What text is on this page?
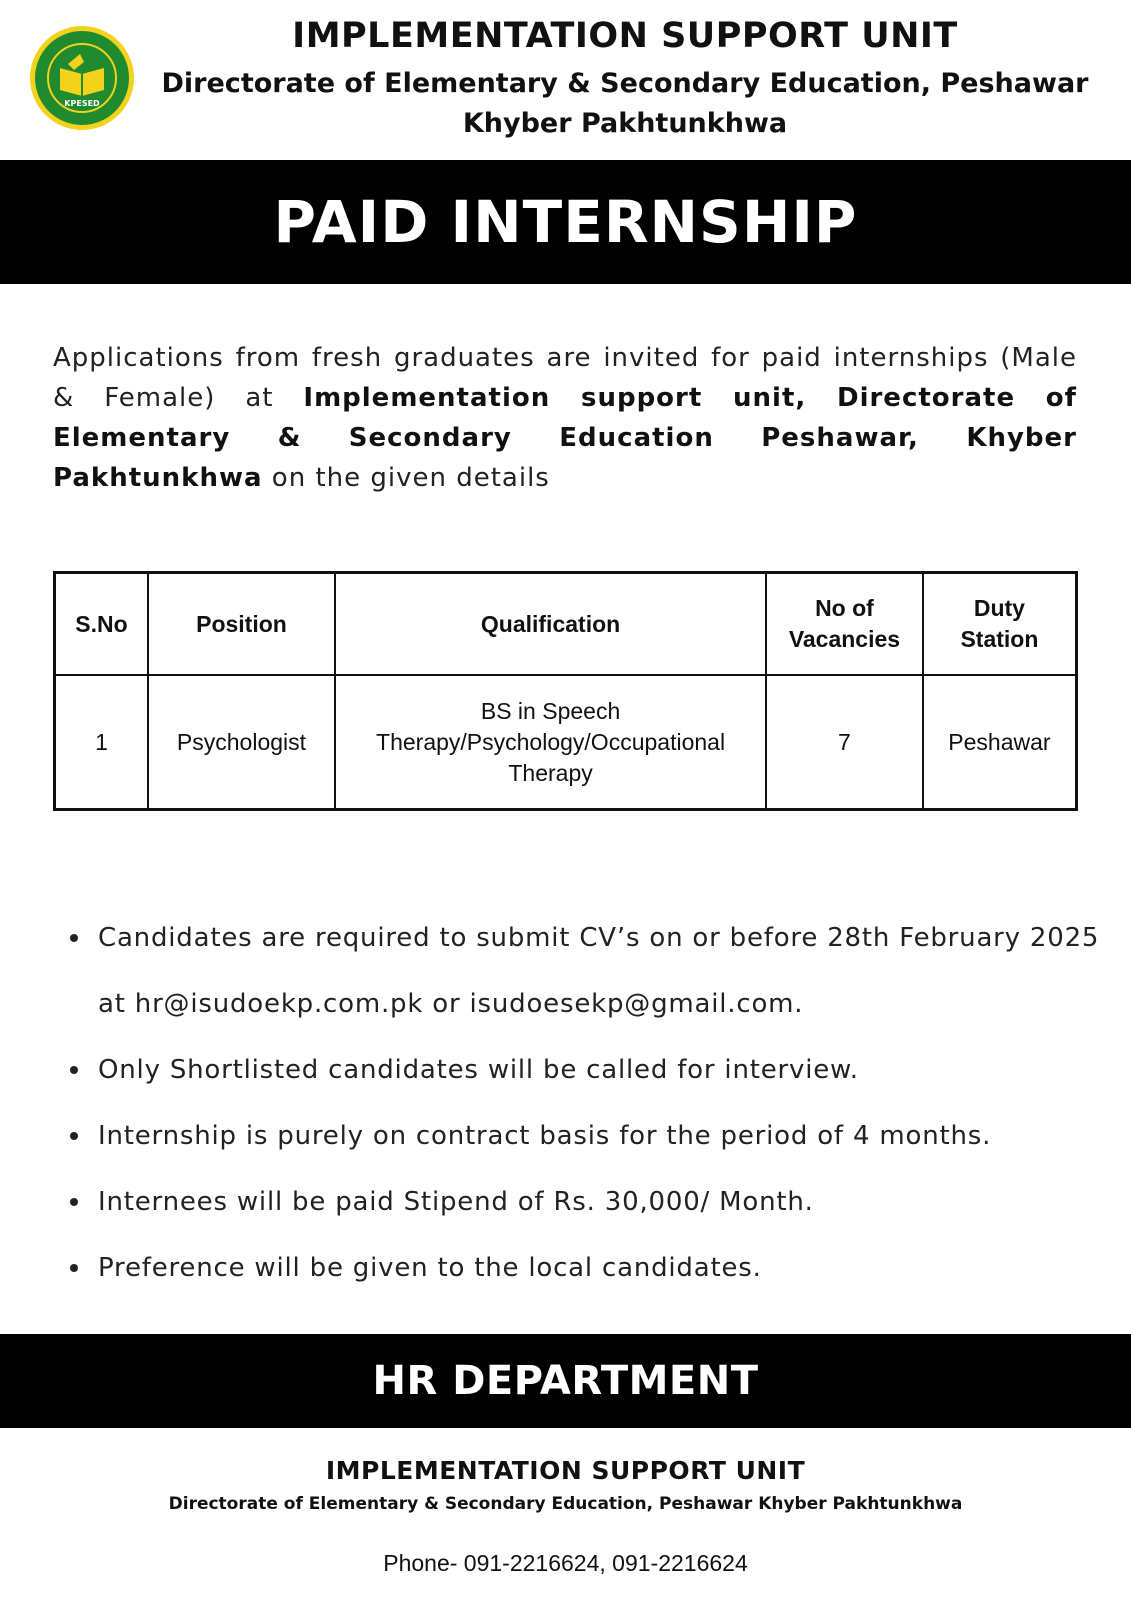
KPESED
IMPLEMENTATION SUPPORT UNIT
Directorate of Elementary & Secondary Education, Peshawar Khyber Pakhtunkhwa
PAID INTERNSHIP
Applications from fresh graduates are invited for paid internships (Male & Female) at Implementation support unit, Directorate of Elementary & Secondary Education Peshawar, Khyber Pakhtunkhwa on the given details
S.No	Position	Qualification	No of Vacancies	Duty Station
1	Psychologist	BS in Speech Therapy/Psychology/Occupational Therapy	7	Peshawar
Candidates are required to submit CV’s on or before 28th February 2025
at hr@isudoekp.com.pk or isudoesekp@gmail.com.
Only Shortlisted candidates will be called for interview.
Internship is purely on contract basis for the period of 4 months.
Internees will be paid Stipend of Rs. 30,000/ Month.
Preference will be given to the local candidates.
HR DEPARTMENT
IMPLEMENTATION SUPPORT UNIT
Directorate of Elementary & Secondary Education, Peshawar Khyber Pakhtunkhwa
Phone- 091-2216624, 091-2216624
